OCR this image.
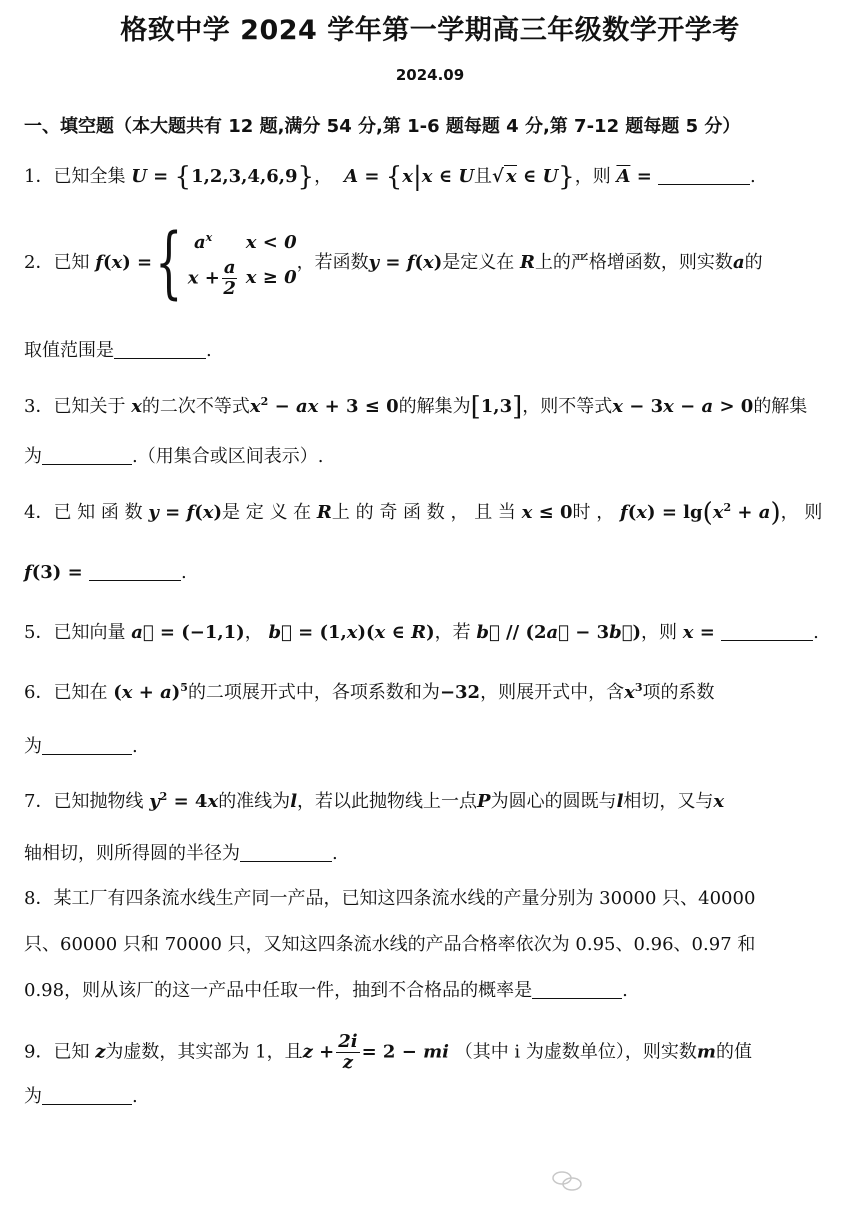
格致中学 2024 学年第一学期高三年级数学开学考
2024.09
一、填空题（本大题共有 12 题,满分 54 分,第 1-6 题每题 4 分,第 7-12 题每题 5 分）
1．已知全集 U = {1,2,3,4,6,9}，  A = {x|x ∈ U且√ x ∈ U}，则 $\overline{A}$ =	.
2．已知 f(x) ={ $a^x$	x < 0
$x + \frac{a}{2}$ x ≥ 0
，若函数y = f(x)是定义在 R上的严格增函数，则实数a的
取值范围是	.
3．已知关于 x的二次不等式$x^2$ − ax + 3 ≤ 0的解集为[1,3]，则不等式x − 3x − a > 0的解集
为	.（用集合或区间表示）.
4．已 知 函 数 y = f(x)是 定 义 在 R上 的 奇 函 数 ， 且 当 x ≤ 0时 ， $f(x) = \lg(x^2 + a)$， 则
f(3) =	.
5．已知向量 a⃗ = (−1,1)， b⃗ = (1,x)(x ∈ R)，若 b⃗ // (2a⃗ − 3b⃗)，则 x =	.
6．已知在 $(x + a)^5$的二项展开式中，各项系数和为−32，则展开式中，含$x^3$项的系数
为	.
7．已知抛物线 $y^2 = 4x$的准线为l，若以此抛物线上一点P为圆心的圆既与l相切，又与x
轴相切，则所得圆的半径为	.
8．某工厂有四条流水线生产同一产品，已知这四条流水线的产量分别为 30000 只、40000
只、60000 只和 70000 只，又知这四条流水线的产品合格率依次为 0.95、0.96、0.97 和
0.98，则从该厂的这一产品中任取一件，抽到不合格品的概率是	.
9．已知 z为虚数，其实部为 1，且$z + \frac{2i}{z} = 2$ − mi （其中 i 为虚数单位），则实数m的值
为	.
